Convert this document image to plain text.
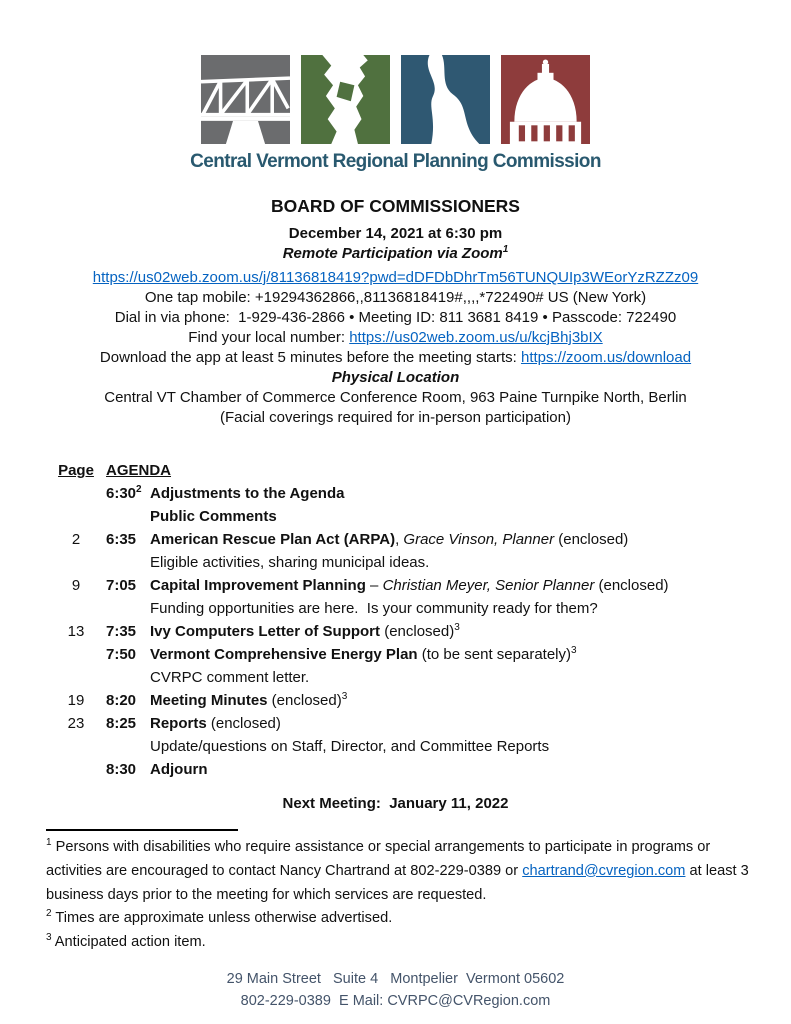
Central Vermont Regional Planning Commission
BOARD OF COMMISSIONERS
December 14, 2021 at 6:30 pm
Remote Participation via Zoom$^1$
https://us02web.zoom.us/j/81136818419?pwd=dDFDbDhrTm56TUNQUIp3WEorYzRZZz09
One tap mobile: +19294362866,,81136818419#,,,,*722490# US (New York)
Dial in via phone:  1-929-436-2866 • Meeting ID: 811 3681 8419 • Passcode: 722490
Find your local number: https://us02web.zoom.us/u/kcjBhj3bIX
Download the app at least 5 minutes before the meeting starts: https://zoom.us/download
Physical Location
Central VT Chamber of Commerce Conference Room, 963 Paine Turnpike North, Berlin
(Facial coverings required for in-person participation)
Page AGENDA
$6:30^2$ Adjustments to the Agenda
Public Comments
2	6:35 American Rescue Plan Act (ARPA), Grace Vinson, Planner (enclosed)
Eligible activities, sharing municipal ideas.
9	7:05 Capital Improvement Planning – Christian Meyer, Senior Planner (enclosed)
Funding opportunities are here.  Is your community ready for them?
13	7:35 Ivy Computers Letter of Support (enclosed)$^3$
7:50 Vermont Comprehensive Energy Plan (to be sent separately)$^3$
CVRPC comment letter.
19	8:20 Meeting Minutes (enclosed)$^3$
23	8:25 Reports (enclosed)
Update/questions on Staff, Director, and Committee Reports
8:30 Adjourn
Next Meeting:  January 11, 2022
$^1$ Persons with disabilities who require assistance or special arrangements to participate in programs or activities are encouraged to contact Nancy Chartrand at 802-229-0389 or chartrand@cvregion.com at least 3 business days prior to the meeting for which services are requested.
$^2$ Times are approximate unless otherwise advertised.
$^3$ Anticipated action item.
29 Main Street   Suite 4   Montpelier  Vermont 05602
802-229-0389  E Mail: CVRPC@CVRegion.com
